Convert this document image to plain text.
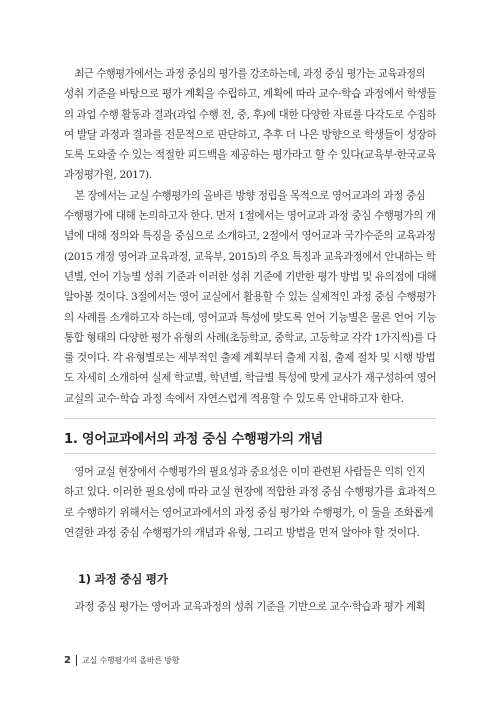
최근 수행평가에서는 과정 중심의 평가를 강조하는데, 과정 중심 평가는 교육과정의
성취 기준을 바탕으로 평가 계획을 수립하고, 계획에 따라 교수·학습 과정에서 학생들
의 과업 수행 활동과 결과(과업 수행 전, 중, 후)에 대한 다양한 자료를 다각도로 수집하
여 발달 과정과 결과를 전문적으로 판단하고, 추후 더 나은 방향으로 학생들이 성장하
도록 도와줄 수 있는 적절한 피드백을 제공하는 평가라고 할 수 있다(교육부·한국교육
과정평가원, 2017).

본 장에서는 교실 수행평가의 올바른 방향 정립을 목적으로 영어교과의 과정 중심
수행평가에 대해 논의하고자 한다. 먼저 1절에서는 영어교과 과정 중심 수행평가의 개
념에 대해 정의와 특징을 중심으로 소개하고, 2절에서 영어교과 국가수준의 교육과정
(2015 개정 영어과 교육과정, 교육부, 2015)의 주요 특징과 교육과정에서 안내하는 학
년별, 언어 기능별 성취 기준과 이러한 성취 기준에 기반한 평가 방법 및 유의점에 대해
알아볼 것이다. 3절에서는 영어 교실에서 활용할 수 있는 실제적인 과정 중심 수행평가
의 사례를 소개하고자 하는데, 영어교과 특성에 맞도록 언어 기능별은 물론 언어 기능
통합 형태의 다양한 평가 유형의 사례(초등학교, 중학교, 고등학교 각각 1가지씩)를 다
룰 것이다. 각 유형별로는 세부적인 출제 계획부터 출제 지침, 출제 절차 및 시행 방법
도 자세히 소개하여 실제 학교별, 학년별, 학급별 특성에 맞게 교사가 재구성하여 영어
교실의 교수·학습 과정 속에서 자연스럽게 적용할 수 있도록 안내하고자 한다.

1. 영어교과에서의 과정 중심 수행평가의 개념

영어 교실 현장에서 수행평가의 필요성과 중요성은 이미 관련된 사람들은 익히 인지
하고 있다. 이러한 필요성에 따라 교실 현장에 적합한 과정 중심 수행평가를 효과적으
로 수행하기 위해서는 영어교과에서의 과정 중심 평가와 수행평가, 이 둘을 조화롭게
연결한 과정 중심 수행평가의 개념과 유형, 그리고 방법을 먼저 알아야 할 것이다.

1) 과정 중심 평가

과정 중심 평가는 영어과 교육과정의 성취 기준을 기반으로 교수·학습과 평가 계획

2	교실 수행평가의 올바른 방향
